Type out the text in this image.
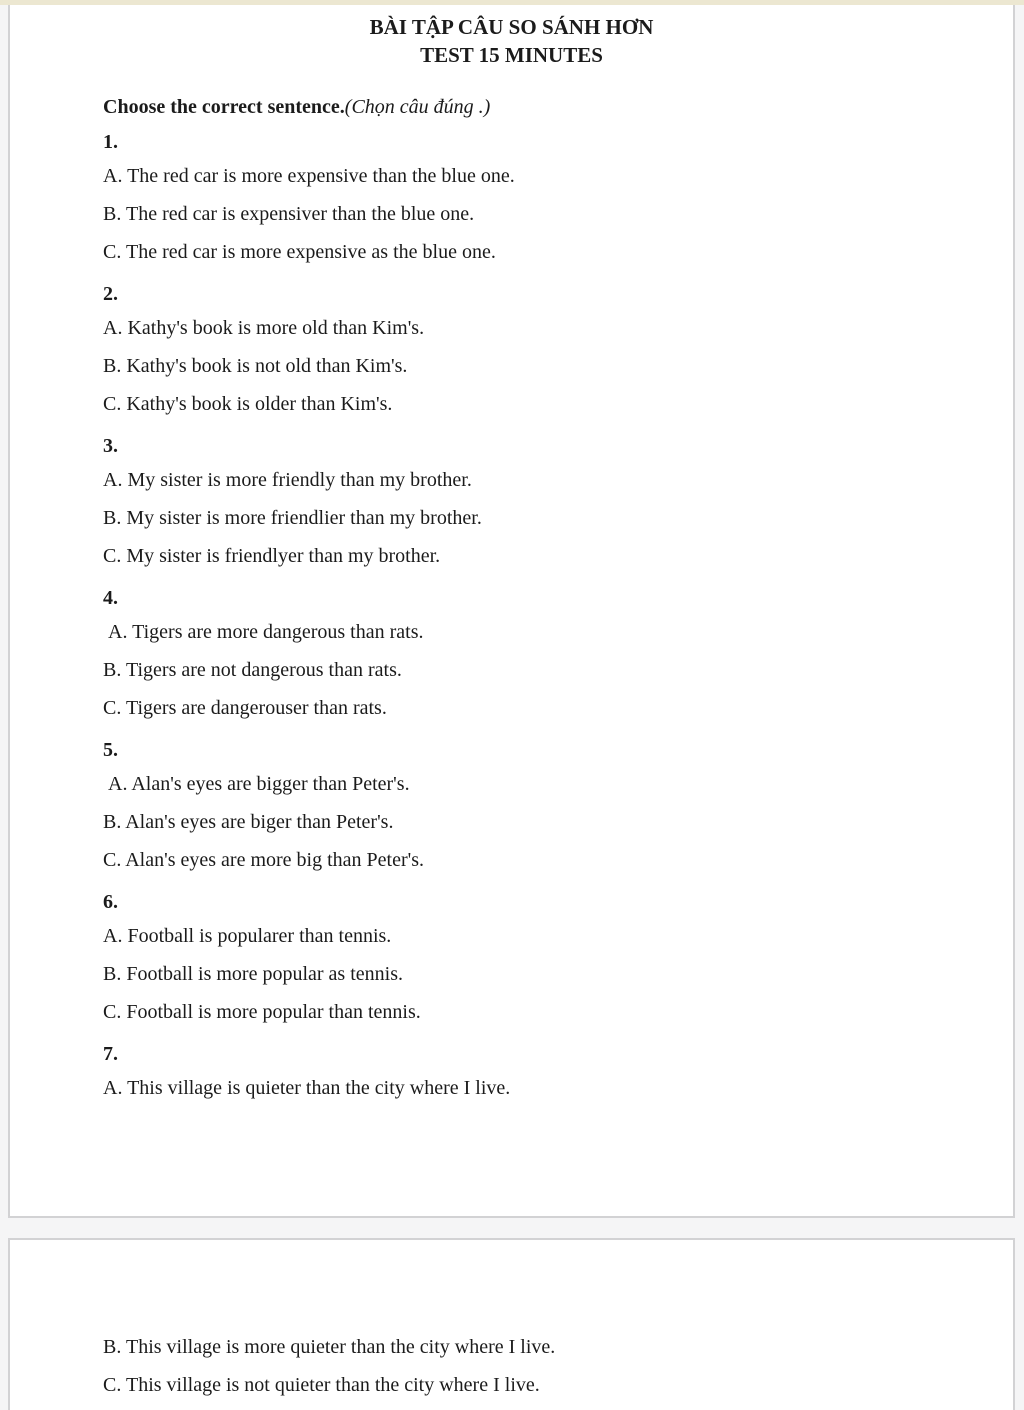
BÀI TẬP CÂU SO SÁNH HƠN
TEST 15 MINUTES

Choose the correct sentence.(Chọn câu đúng .)

1.

A. The red car is more expensive than the blue one.

B. The red car is expensiver than the blue one.

C. The red car is more expensive as the blue one.

2.

A. Kathy's book is more old than Kim's.

B. Kathy's book is not old than Kim's.

C. Kathy's book is older than Kim's.

3.

A. My sister is more friendly than my brother.

B. My sister is more friendlier than my brother.

C. My sister is friendlyer than my brother.

4.

A. Tigers are more dangerous than rats.

B. Tigers are not dangerous than rats.

C. Tigers are dangerouser than rats.

5.

A. Alan's eyes are bigger than Peter's.

B. Alan's eyes are biger than Peter's.

C. Alan's eyes are more big than Peter's.

6.

A. Football is popularer than tennis.

B. Football is more popular as tennis.

C. Football is more popular than tennis.

7.

A. This village is quieter than the city where I live.

B. This village is more quieter than the city where I live.

C. This village is not quieter than the city where I live.
